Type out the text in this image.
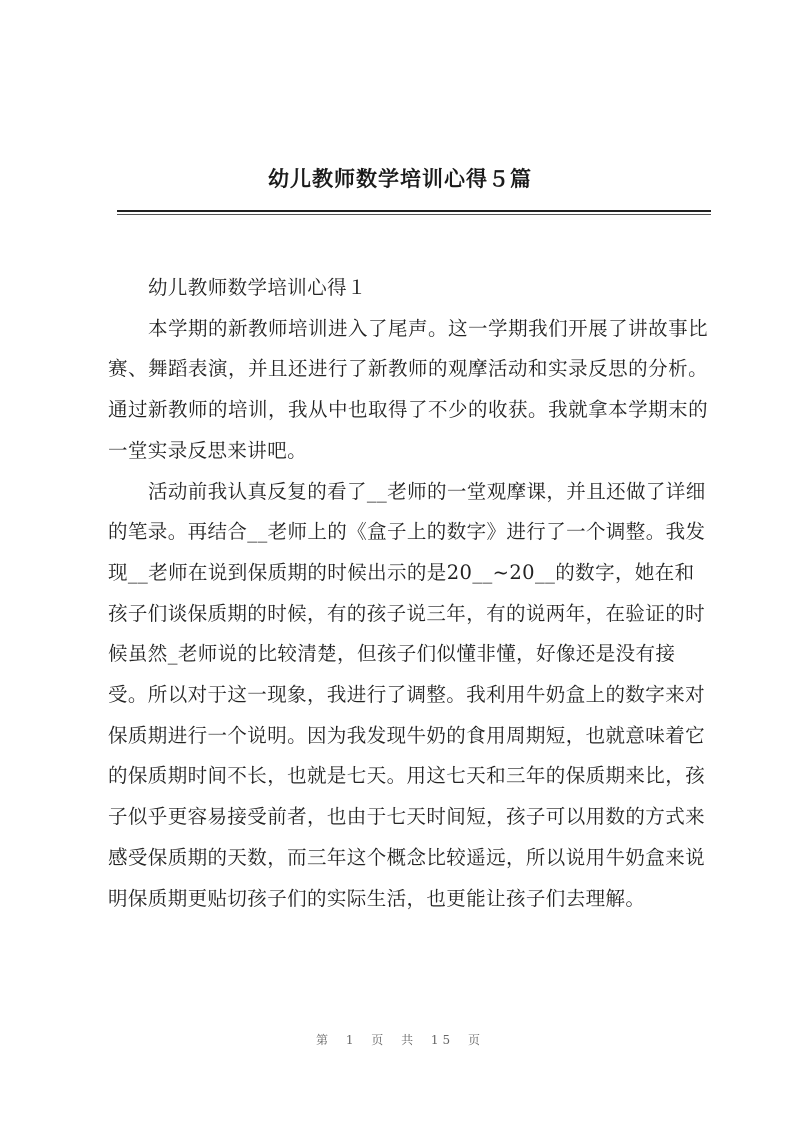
幼儿教师数学培训心得５篇

幼儿教师数学培训心得１

本学期的新教师培训进入了尾声。这一学期我们开展了讲故事比赛、舞蹈表演，并且还进行了新教师的观摩活动和实录反思的分析。通过新教师的培训，我从中也取得了不少的收获。我就拿本学期末的一堂实录反思来讲吧。

活动前我认真反复的看了__老师的一堂观摩课，并且还做了详细的笔录。再结合__老师上的《盒子上的数字》进行了一个调整。我发现__老师在说到保质期的时候出示的是20__~20__的数字，她在和孩子们谈保质期的时候，有的孩子说三年，有的说两年，在验证的时候虽然_老师说的比较清楚，但孩子们似懂非懂，好像还是没有接受。所以对于这一现象，我进行了调整。我利用牛奶盒上的数字来对保质期进行一个说明。因为我发现牛奶的食用周期短，也就意味着它的保质期时间不长，也就是七天。用这七天和三年的保质期来比，孩子似乎更容易接受前者，也由于七天时间短，孩子可以用数的方式来感受保质期的天数，而三年这个概念比较遥远，所以说用牛奶盒来说明保质期更贴切孩子们的实际生活，也更能让孩子们去理解。

第 1 页 共 15 页
